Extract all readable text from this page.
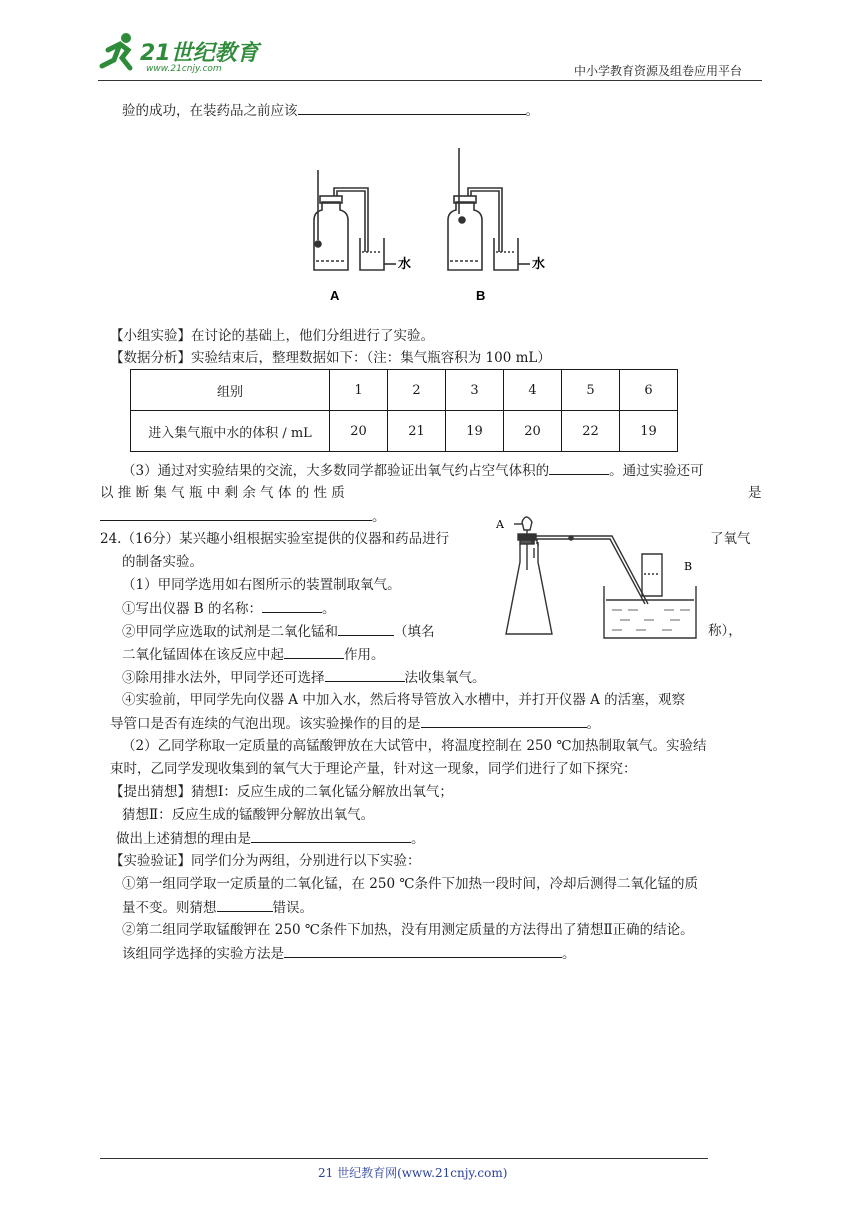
21世纪教育
www.21cnjy.com	中小学教育资源及组卷应用平台
验的成功，在装药品之前应该	。
A	B
水	水
【小组实验】在讨论的基础上，他们分组进行了实验。
【数据分析】实验结束后，整理数据如下：（注：集气瓶容积为 100 mL）
组别	1	2	3	4	5	6
进入集气瓶中水的体积 / mL	20	21	19	20	22	19
（3）通过对实验结果的交流，大多数同学都验证出氧气约占空气体积的	。通过实验还可
以 推 断 集 气 瓶 中 剩 余 气 体 的 性 质	是
。
24.（16分）某兴趣小组根据实验室提供的仪器和药品进行	了氧气
的制备实验。
A
B
（1）甲同学选用如右图所示的装置制取氧气。
①写出仪器 B 的名称：	。
②甲同学应选取的试剂是二氧化锰和	（填名	称），
二氧化锰固体在该反应中起	作用。
③除用排水法外，甲同学还可选择	法收集氧气。
④实验前，甲同学先向仪器 A 中加入水，然后将导管放入水槽中，并打开仪器 A 的活塞，观察
导管口是否有连续的气泡出现。该实验操作的目的是	。
（2）乙同学称取一定质量的高锰酸钾放在大试管中，将温度控制在 250 ℃加热制取氧气。实验结
束时，乙同学发现收集到的氧气大于理论产量，针对这一现象，同学们进行了如下探究：
【提出猜想】猜想Ⅰ：反应生成的二氧化锰分解放出氧气；
猜想Ⅱ：反应生成的锰酸钾分解放出氧气。
做出上述猜想的理由是	。
【实验验证】同学们分为两组，分别进行以下实验：
①第一组同学取一定质量的二氧化锰，在 250 ℃条件下加热一段时间，冷却后测得二氧化锰的质
量不变。则猜想	错误。
②第二组同学取锰酸钾在 250 ℃条件下加热，没有用测定质量的方法得出了猜想Ⅱ正确的结论。
该组同学选择的实验方法是	。
21 世纪教育网(www.21cnjy.com)
